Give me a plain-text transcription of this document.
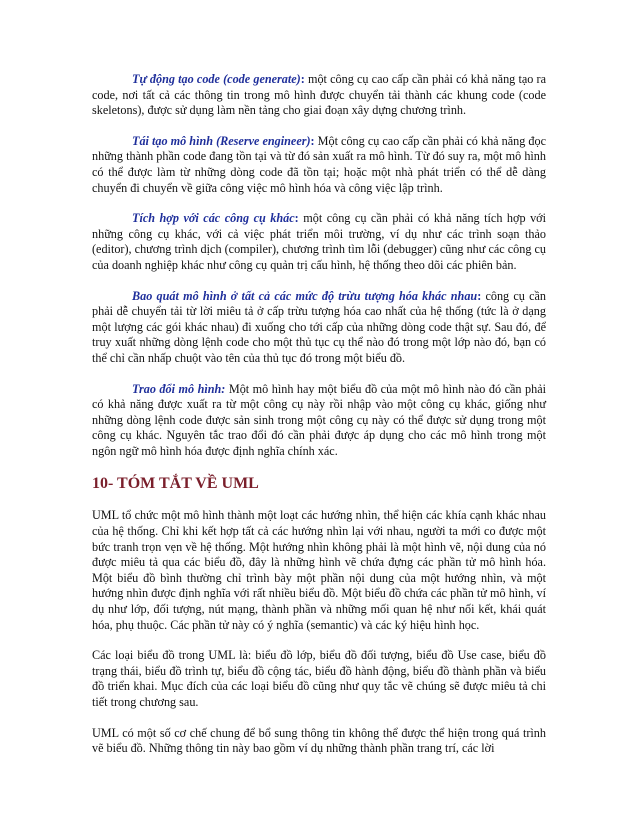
Tự động tạo code (code generate): một công cụ cao cấp cần phải có khả năng tạo ra code, nơi tất cả các thông tin trong mô hình được chuyển tải thành các khung code (code skeletons), được sử dụng làm nền tảng cho giai đoạn xây dựng chương trình.

Tái tạo mô hình (Reserve engineer): Một công cụ cao cấp cần phải có khả năng đọc những thành phần code đang tồn tại và từ đó sản xuất ra mô hình. Từ đó suy ra, một mô hình có thể được làm từ những dòng code đã tồn tại; hoặc một nhà phát triển có thể dễ dàng chuyển đi chuyển về giữa công việc mô hình hóa và công việc lập trình.

Tích hợp với các công cụ khác: một công cụ cần phải có khả năng tích hợp với những công cụ khác, với cả việc phát triển môi trường, ví dụ như các trình soạn thảo (editor), chương trình dịch (compiler), chương trình tìm lỗi (debugger) cũng như các công cụ của doanh nghiệp khác như công cụ quản trị cấu hình, hệ thống theo dõi các phiên bản.

Bao quát mô hình ở tất cả các mức độ trừu tượng hóa khác nhau: công cụ cần phải dễ chuyển tải từ lời miêu tả ở cấp trừu tượng hóa cao nhất của hệ thống (tức là ở dạng một lượng các gói khác nhau) đi xuống cho tới cấp của những dòng code thật sự. Sau đó, để truy xuất những dòng lệnh code cho một thủ tục cụ thể nào đó trong một lớp nào đó, bạn có thể chỉ cần nhấp chuột vào tên của thủ tục đó trong một biểu đồ.

Trao đổi mô hình: Một mô hình hay một biểu đồ của một mô hình nào đó cần phải có khả năng được xuất ra từ một công cụ này rồi nhập vào một công cụ khác, giống như những dòng lệnh code được sản sinh trong một công cụ này có thể được sử dụng trong một công cụ khác. Nguyên tắc trao đổi đó cần phải được áp dụng cho các mô hình trong một ngôn ngữ mô hình hóa được định nghĩa chính xác.

10- TÓM TẮT VỀ UML

UML tổ chức một mô hình thành một loạt các hướng nhìn, thể hiện các khía cạnh khác nhau của hệ thống. Chỉ khi kết hợp tất cả các hướng nhìn lại với nhau, người ta mới co được một bức tranh trọn vẹn về hệ thống. Một hướng nhìn không phải là một hình vẽ, nội dung của nó được miêu tả qua các biểu đồ, đây là những hình vẽ chứa đựng các phần tử mô hình hóa. Một biểu đồ bình thường chỉ trình bày một phần nội dung của một hướng nhìn, và một hướng nhìn được định nghĩa với rất nhiều biểu đồ. Một biểu đồ chứa các phần tử mô hình, ví dụ như lớp, đối tượng, nút mạng, thành phần và những mối quan hệ như nối kết, khái quát hóa, phụ thuộc. Các phần tử này có ý nghĩa (semantic) và các ký hiệu hình học.

Các loại biểu đồ trong UML là: biểu đồ lớp, biểu đồ đối tượng, biểu đồ Use case, biểu đồ trạng thái, biểu đồ trình tự, biểu đồ cộng tác, biểu đồ hành động, biểu đồ thành phần và biểu đồ triển khai. Mục đích của các loại biểu đồ cũng như quy tắc vẽ chúng sẽ được miêu tả chi tiết trong chương sau.

UML có một số cơ chế chung để bổ sung thông tin không thể được thể hiện trong quá trình vẽ biểu đồ. Những thông tin này bao gồm ví dụ những thành phần trang trí, các lời
